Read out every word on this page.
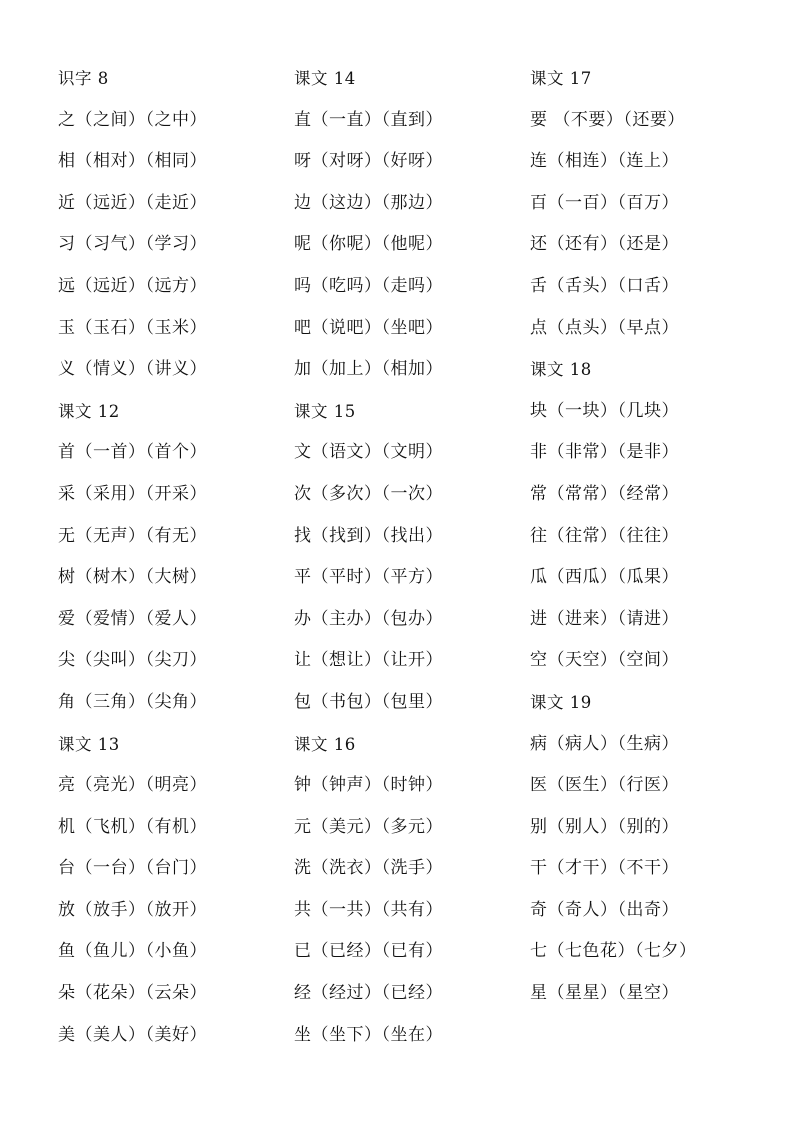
识字 8
之（之间）（之中）
相（相对）（相同）
近（远近）（走近）
习（习气）（学习）
远（远近）（远方）
玉（玉石）（玉米）
义（情义）（讲义）
课文 12
首（一首）（首个）
采（采用）（开采）
无（无声）（有无）
树（树木）（大树）
爱（爱情）（爱人）
尖（尖叫）（尖刀）
角（三角）（尖角）
课文 13
亮（亮光）（明亮）
机（飞机）（有机）
台（一台）（台门）
放（放手）（放开）
鱼（鱼儿）（小鱼）
朵（花朵）（云朵）
美（美人）（美好）
课文 14
直（一直）（直到）
呀（对呀）（好呀）
边（这边）（那边）
呢（你呢）（他呢）
吗（吃吗）（走吗）
吧（说吧）（坐吧）
加（加上）（相加）
课文 15
文（语文）（文明）
次（多次）（一次）
找（找到）（找出）
平（平时）（平方）
办（主办）（包办）
让（想让）（让开）
包（书包）（包里）
课文 16
钟（钟声）（时钟）
元（美元）（多元）
洗（洗衣）（洗手）
共（一共）（共有）
已（已经）（已有）
经（经过）（已经）
坐（坐下）（坐在）
课文 17
要 （不要）（还要）
连（相连）（连上）
百（一百）（百万）
还（还有）（还是）
舌（舌头）（口舌）
点（点头）（早点）
课文 18
块（一块）（几块）
非（非常）（是非）
常（常常）（经常）
往（往常）（往往）
瓜（西瓜）（瓜果）
进（进来）（请进）
空（天空）（空间）
课文 19
病（病人）（生病）
医（医生）（行医）
别（别人）（别的）
干（才干）（不干）
奇（奇人）（出奇）
七（七色花）（七夕）
星（星星）（星空）
